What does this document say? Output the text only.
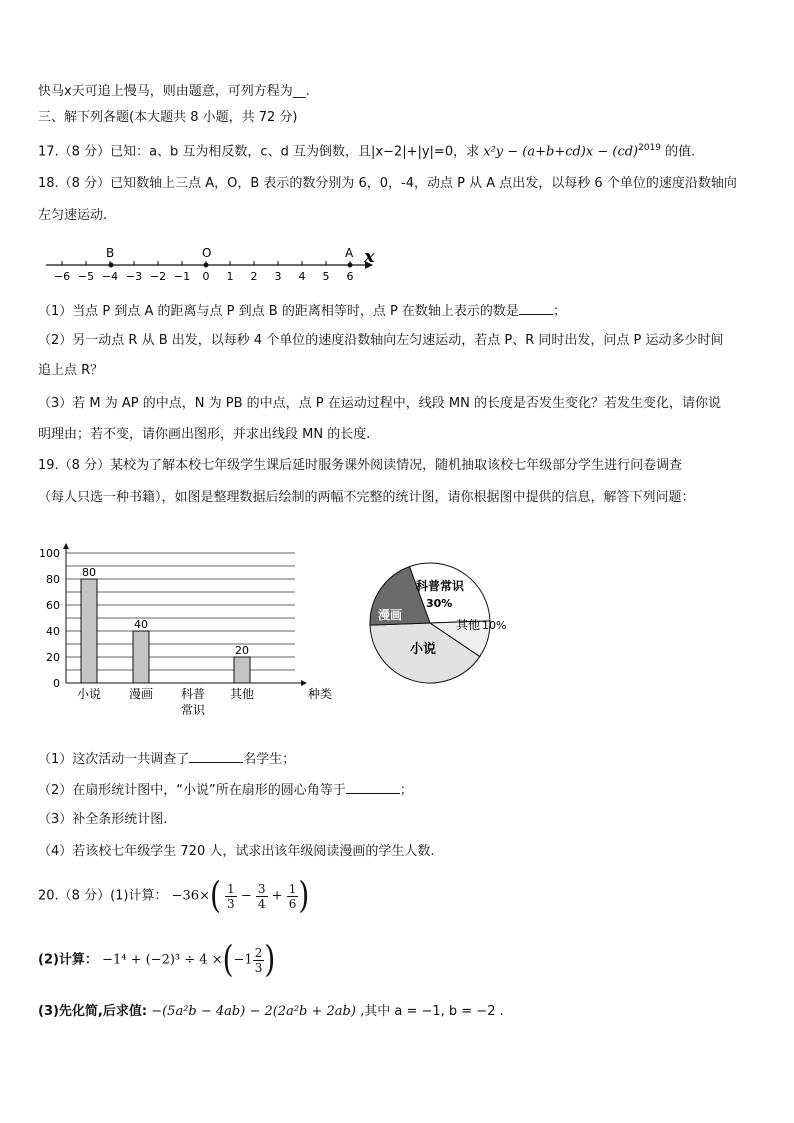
快马x天可追上慢马，则由题意，可列方程为__.
三、解下列各题(本大题共 8 小题，共 72 分)
17.（8 分）已知：a、b 互为相反数，c、d 互为倒数，且|x−2|+|y|=0，求 x²y − (a+b+cd)x − (cd)$^{2019}$ 的值.
18.（8 分）已知数轴上三点 A，O，B 表示的数分别为 6，0，-4，动点 P 从 A 点出发，以每秒 6 个单位的速度沿数轴向
左匀速运动.
−6 −5 −4 −3 −2 −1 0 1 2 3 4 5 6
B	O	A x
（1）当点 P 到点 A 的距离与点 P 到点 B 的距离相等时，点 P 在数轴上表示的数是	；
（2）另一动点 R 从 B 出发，以每秒 4 个单位的速度沿数轴向左匀速运动，若点 P、R 同时出发，问点 P 运动多少时间
追上点 R？
（3）若 M 为 AP 的中点，N 为 PB 的中点，点 P 在运动过程中，线段 MN 的长度是否发生变化？若发生变化，请你说
明理由；若不变，请你画出图形，并求出线段 MN 的长度.
19.（8 分）某校为了解本校七年级学生课后延时服务课外阅读情况，随机抽取该校七年级部分学生进行问卷调查
（每人只选一种书籍），如图是整理数据后绘制的两幅不完整的统计图，请你根据图中提供的信息，解答下列问题：
0
20
40
60
80
100
80
40
20
小说 漫画 科普
常识
其他	种类
科普常识
30%
其他 10%
小说
漫画
（1）这次活动一共调查了	名学生；
（2）在扇形统计图中，“小说”所在扇形的圆心角等于	；
（3）补全条形统计图.
（4）若该校七年级学生 720 人，试求出该年级阅读漫画的学生人数.
20.（8 分）(1)计算： $-36\times( \frac{1}{3} - \frac{3}{4} + \frac{1}{6}$ )
(2)计算： $-1^4 + (-2)^3 \div 4 \times(-1 \frac{2}{3}$ )
(3)先化简,后求值: −(5a²b − 4ab) − 2(2a²b + 2ab) ,其中 a = −1, b = −2 .
